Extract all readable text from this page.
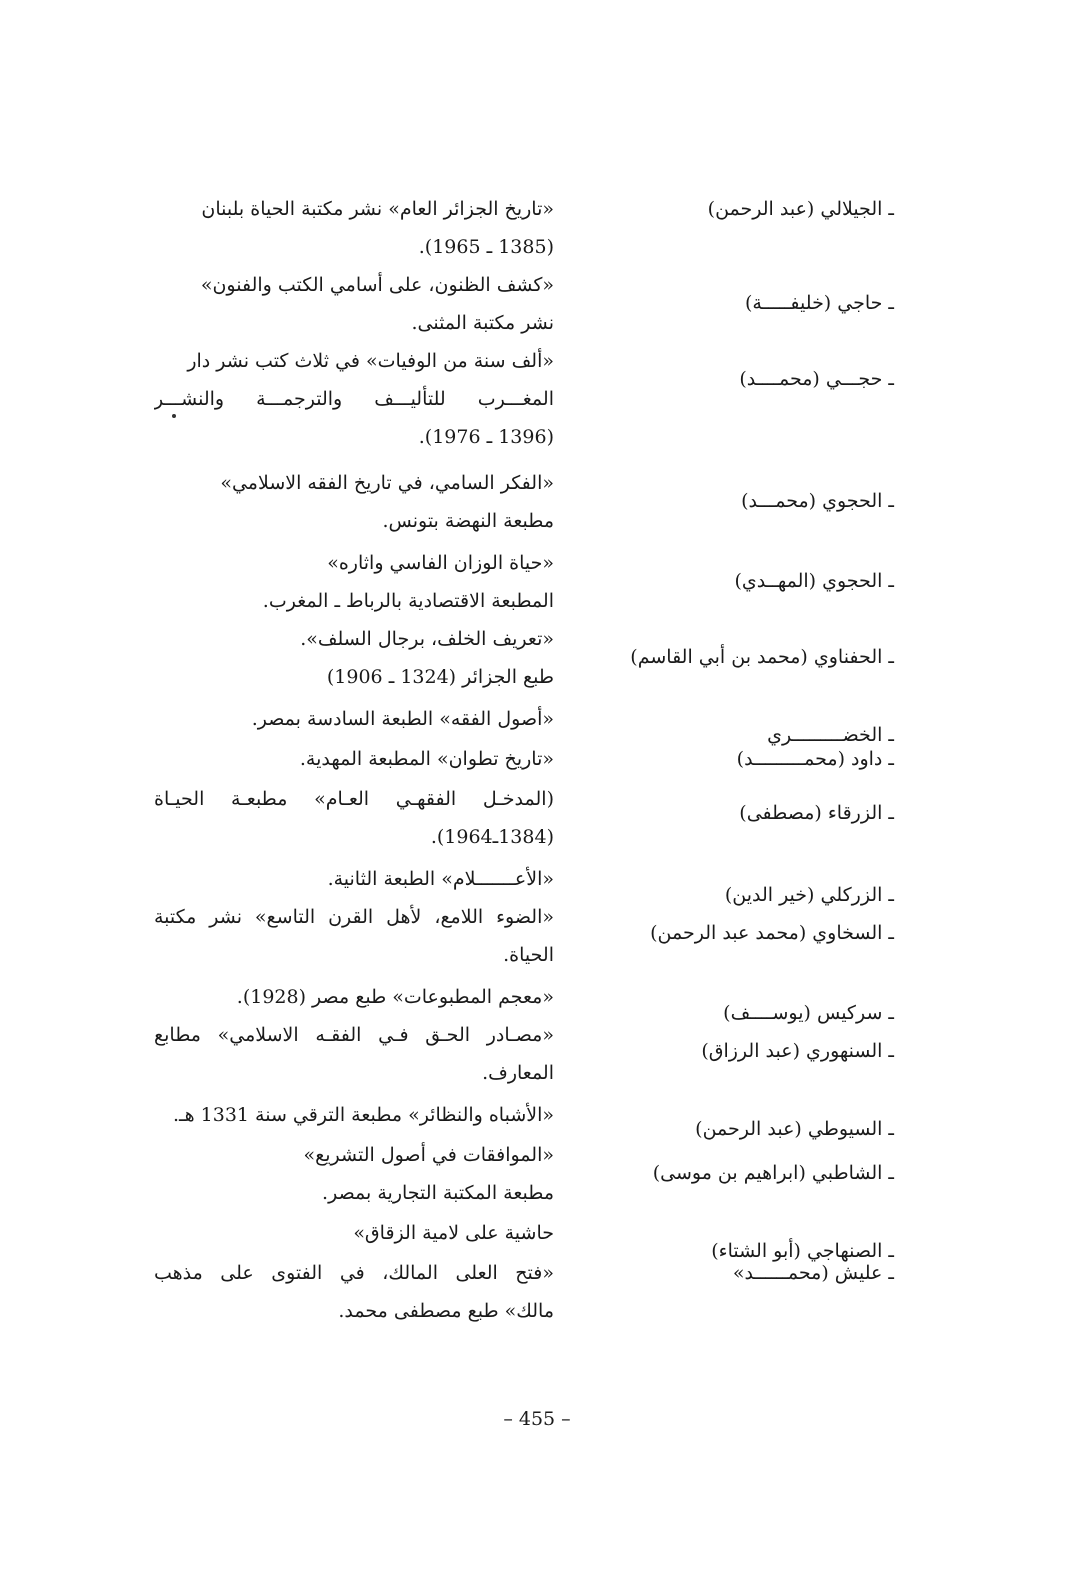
ـ الجيلالي (عبد الرحمن)
«تاريخ الجزائر العام» نشر مكتبة الحياة بلبنان
(1385 ـ 1965).
ـ حاجي (خليفـــــة)
«كشف الظنون، على أسامي الكتب والفنون»
نشر مكتبة المثنى.
ـ حجـــي (محمــــد)
«ألف سنة من الوفيات» في ثلاث كتب نشر دار
المغـــرب للتأليـــف والترجمـــة والنشـــر
(1396 ـ 1976).
ـ الحجوي (محمـــد)
«الفكر السامي، في تاريخ الفقه الاسلامي»
مطبعة النهضة بتونس.
ـ الحجوي (المهــدي)
«حياة الوزان الفاسي واثاره»
المطبعة الاقتصادية بالرباط ـ المغرب.
ـ الحفناوي (محمد بن أبي القاسم)
«تعريف الخلف، برجال السلف».
طبع الجزائر (1324 ـ 1906)
ـ الخضـــــــــري
«أصول الفقه» الطبعة السادسة بمصر.
ـ داود (محمـــــــــد)
«تاريخ تطوان» المطبعة المهدية.
ـ الزرقاء (مصطفى)
(المدخـل الفقهـي العـام» مطبعـة الحيـاة
(1384ـ1964).
ـ الزركلي (خير الدين)
«الأعـــــــلام» الطبعة الثانية.
ـ السخاوي (محمد عبد الرحمن)
«الضوء اللامع، لأهل القرن التاسع» نشر مكتبة
الحياة.
ـ سركيس (يوســــف)
«معجم المطبوعات» طبع مصر (1928).
ـ السنهوري (عبد الرزاق)
«مصـادر الحـق فـي الفقـه الاسلامي» مطابع
المعارف.
ـ السيوطي (عبد الرحمن)
«الأشباه والنظائر» مطبعة الترقي سنة 1331 هـ.
ـ الشاطبي (ابراهيم بن موسى)
«الموافقات في أصول التشريع»
مطبعة المكتبة التجارية بمصر.
ـ الصنهاجي (أبو الشتاء)
حاشية على لامية الزقاق»
ـ عليش (محمــــــد»
«فتح العلى المالك، في الفتوى على مذهب
مالك» طبع مصطفى محمد.
– 455 –
